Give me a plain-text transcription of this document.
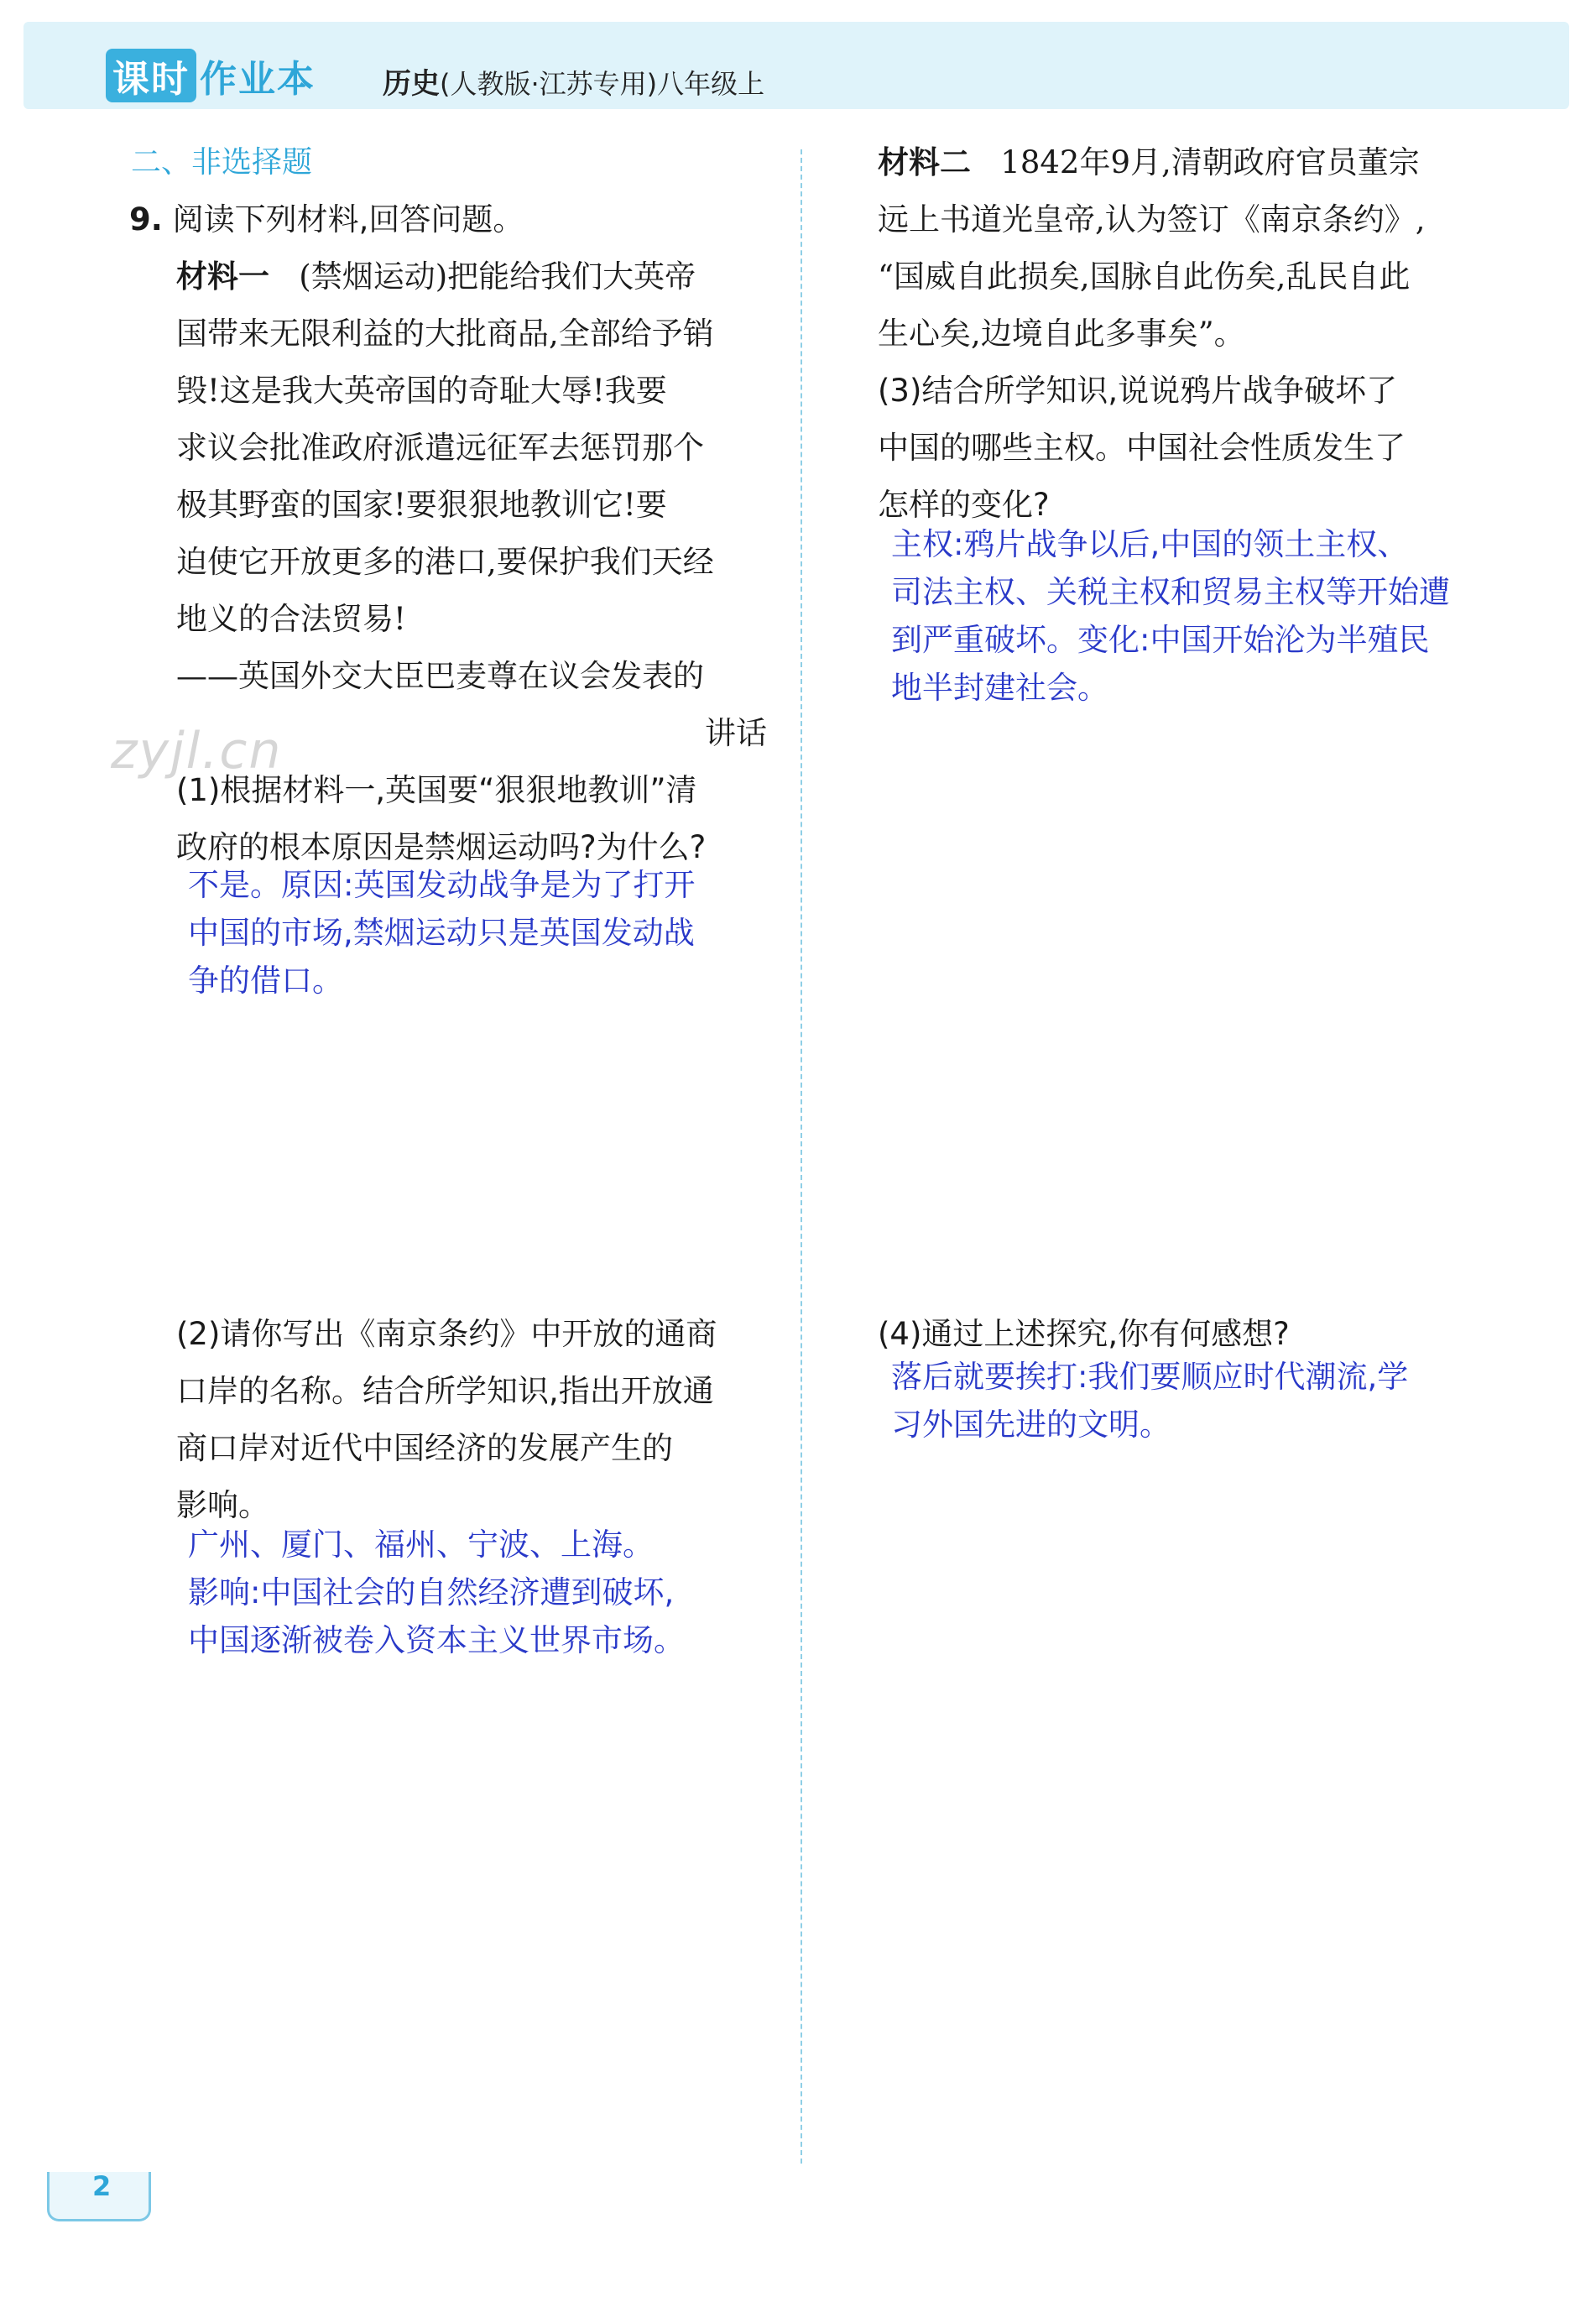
课时 作业本 历史(人教版·江苏专用)八年级上
zyjl.cn
二、非选择题
9. 阅读下列材料,回答问题。
材料一 (禁烟运动)把能给我们大英帝
国带来无限利益的大批商品,全部给予销
毁!这是我大英帝国的奇耻大辱!我要
求议会批准政府派遣远征军去惩罚那个
极其野蛮的国家!要狠狠地教训它!要
迫使它开放更多的港口,要保护我们天经
地义的合法贸易!
——英国外交大臣巴麦尊在议会发表的
讲话
(1)根据材料一,英国要“狠狠地教训”清
政府的根本原因是禁烟运动吗?为什么?
不是。原因:英国发动战争是为了打开
中国的市场,禁烟运动只是英国发动战
争的借口。
(2)请你写出《南京条约》中开放的通商
口岸的名称。结合所学知识,指出开放通
商口岸对近代中国经济的发展产生的
影响。
广州、厦门、福州、宁波、上海。
影响:中国社会的自然经济遭到破坏,
中国逐渐被卷入资本主义世界市场。
材料二 1842年9月,清朝政府官员董宗
远上书道光皇帝,认为签订《南京条约》,
“国威自此损矣,国脉自此伤矣,乱民自此
生心矣,边境自此多事矣”。
(3)结合所学知识,说说鸦片战争破坏了
中国的哪些主权。中国社会性质发生了
怎样的变化?
主权:鸦片战争以后,中国的领土主权、
司法主权、关税主权和贸易主权等开始遭
到严重破坏。变化:中国开始沦为半殖民
地半封建社会。
(4)通过上述探究,你有何感想?
落后就要挨打:我们要顺应时代潮流,学
习外国先进的文明。
2
